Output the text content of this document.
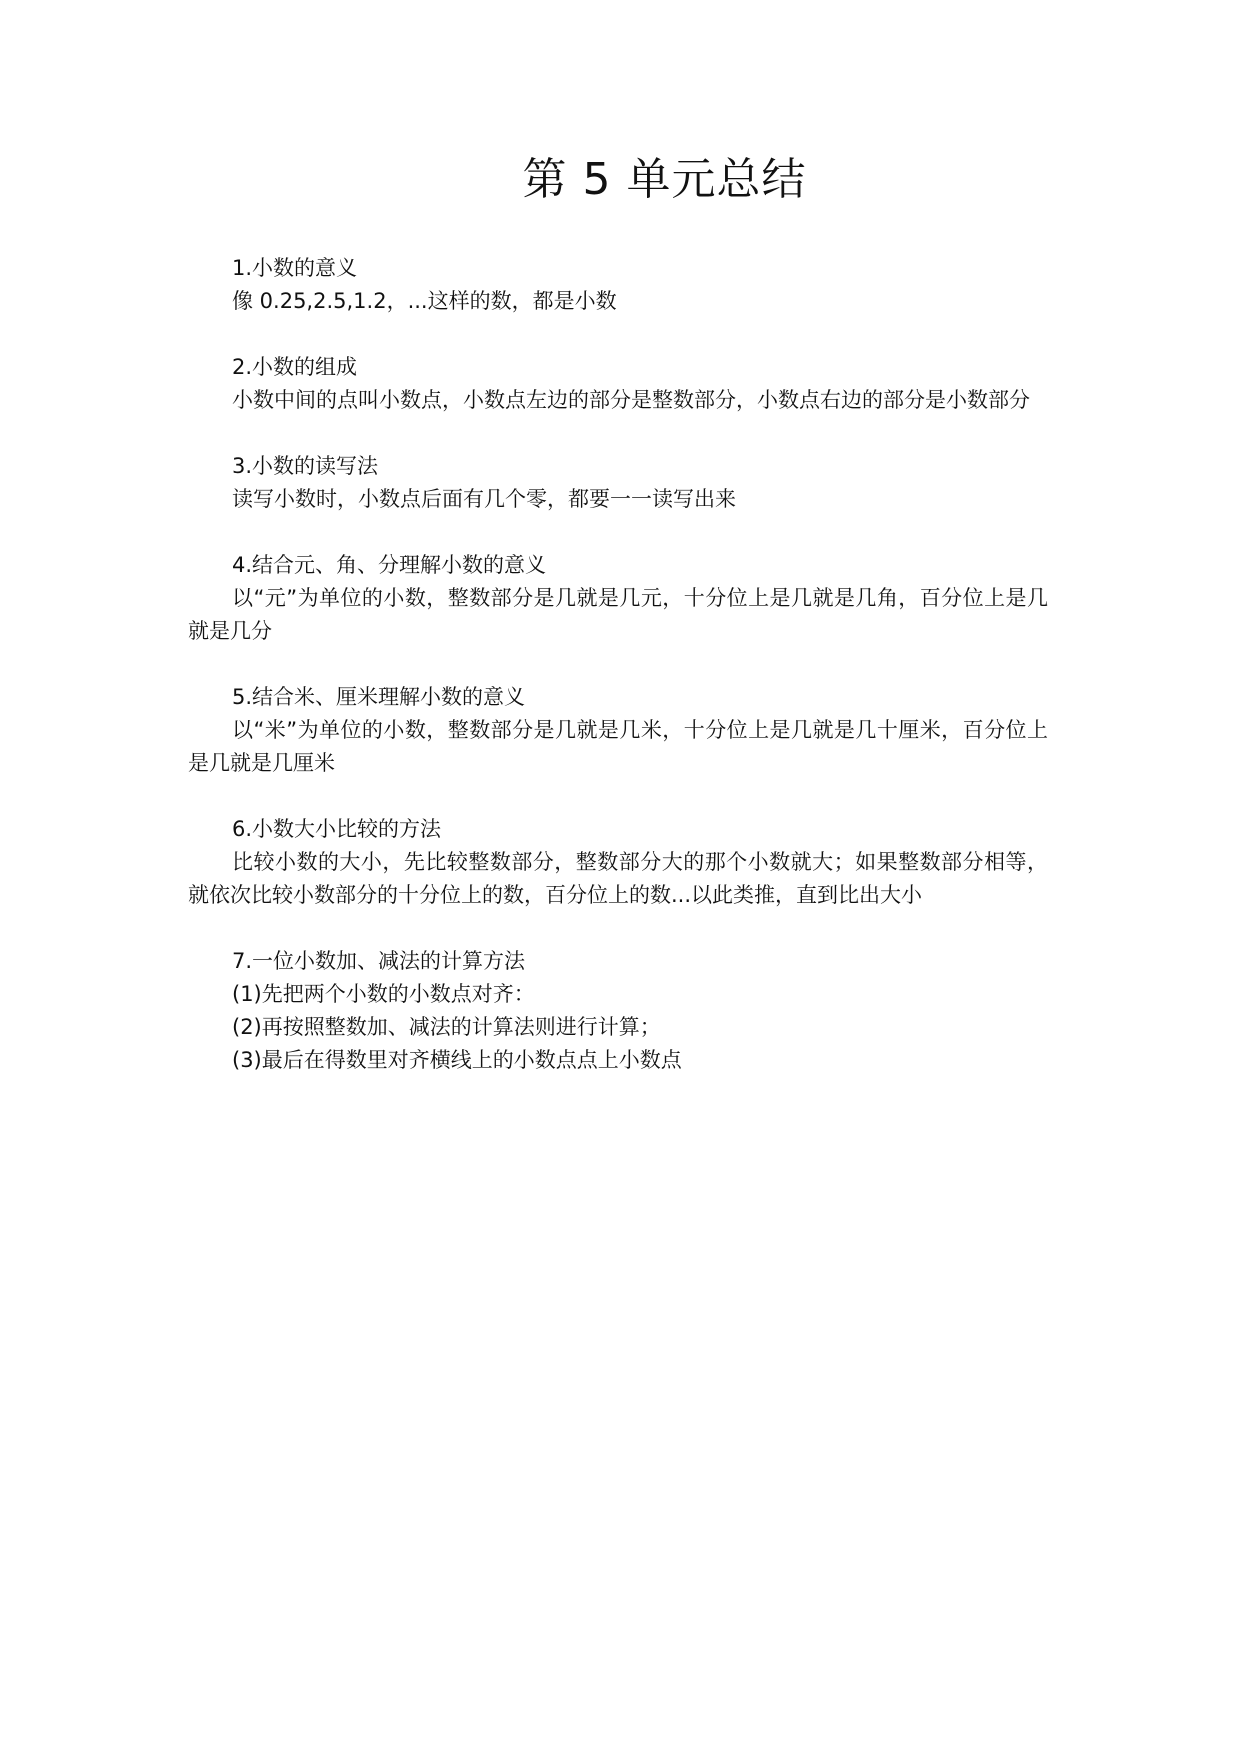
第 5 单元总结

1.小数的意义

像 0.25,2.5,1.2，...这样的数，都是小数

2.小数的组成

小数中间的点叫小数点，小数点左边的部分是整数部分，小数点右边的部分是小数部分

3.小数的读写法

读写小数时，小数点后面有几个零，都要一一读写出来

4.结合元、角、分理解小数的意义

以“元”为单位的小数，整数部分是几就是几元，十分位上是几就是几角，百分位上是几就是几分

5.结合米、厘米理解小数的意义

以“米”为单位的小数，整数部分是几就是几米，十分位上是几就是几十厘米，百分位上是几就是几厘米

6.小数大小比较的方法

比较小数的大小，先比较整数部分，整数部分大的那个小数就大；如果整数部分相等，就依次比较小数部分的十分位上的数，百分位上的数...以此类推，直到比出大小

7.一位小数加、减法的计算方法

(1)先把两个小数的小数点对齐：

(2)再按照整数加、减法的计算法则进行计算；

(3)最后在得数里对齐横线上的小数点点上小数点
